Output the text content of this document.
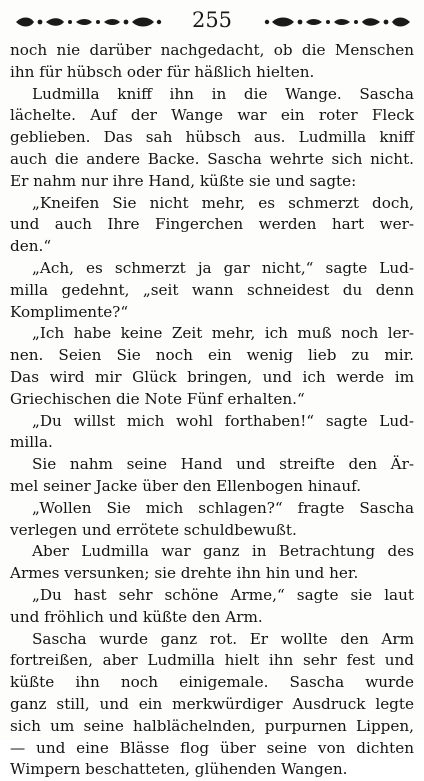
255
noch nie darüber nachgedacht, ob die Menschen
ihn für hübsch oder für häßlich hielten.
Ludmilla kniff ihn in die Wange. Sascha
lächelte. Auf der Wange war ein roter Fleck
geblieben. Das sah hübsch aus. Ludmilla kniff
auch die andere Backe. Sascha wehrte sich nicht.
Er nahm nur ihre Hand, küßte sie und sagte:
„Kneifen Sie nicht mehr, es schmerzt doch,
und auch Ihre Fingerchen werden hart wer-
den.“
„Ach, es schmerzt ja gar nicht,“ sagte Lud-
milla gedehnt, „seit wann schneidest du denn
Komplimente?“
„Ich habe keine Zeit mehr, ich muß noch ler-
nen. Seien Sie noch ein wenig lieb zu mir.
Das wird mir Glück bringen, und ich werde im
Griechischen die Note Fünf erhalten.“
„Du willst mich wohl forthaben!“ sagte Lud-
milla.
Sie nahm seine Hand und streifte den Är-
mel seiner Jacke über den Ellenbogen hinauf.
„Wollen Sie mich schlagen?“ fragte Sascha
verlegen und errötete schuldbewußt.
Aber Ludmilla war ganz in Betrachtung des
Armes versunken; sie drehte ihn hin und her.
„Du hast sehr schöne Arme,“ sagte sie laut
und fröhlich und küßte den Arm.
Sascha wurde ganz rot. Er wollte den Arm
fortreißen, aber Ludmilla hielt ihn sehr fest und
küßte ihn noch einigemale. Sascha wurde
ganz still, und ein merkwürdiger Ausdruck legte
sich um seine halblächelnden, purpurnen Lippen,
— und eine Blässe flog über seine von dichten
Wimpern beschatteten, glühenden Wangen.
